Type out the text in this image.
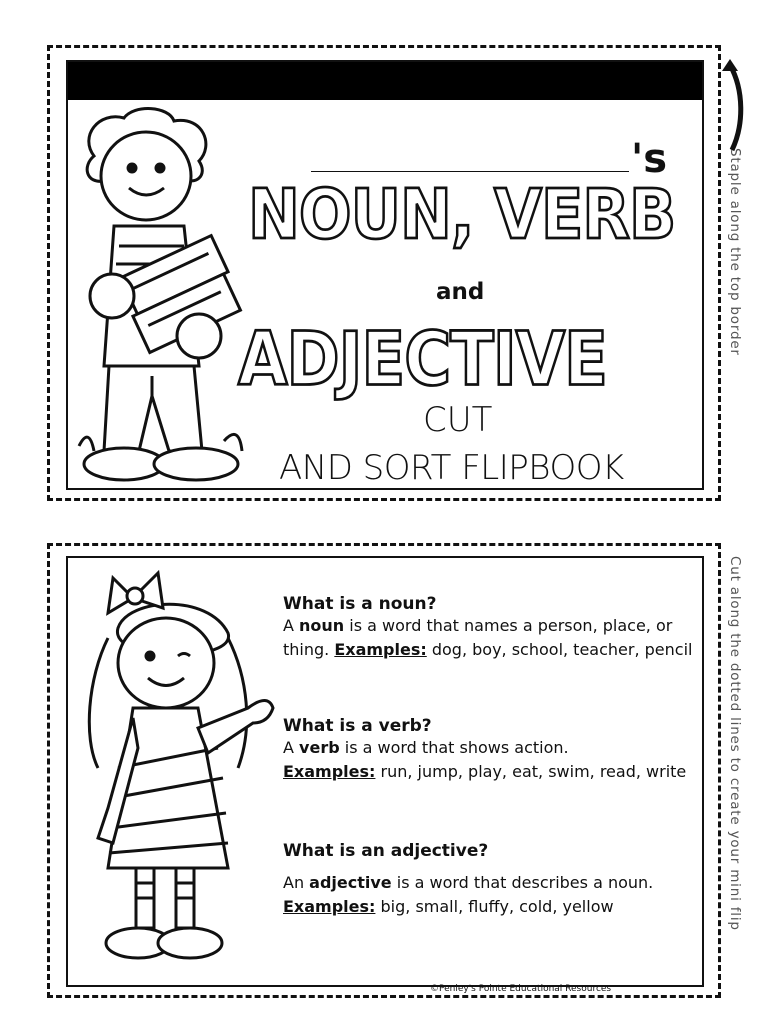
Staple along the top border
Cut along the dotted lines to create your mini flip
's
NOUN, VERB
and
ADJECTIVE
CUT
AND SORT FLIPBOOK

What is a noun?

A noun is a word that names a person, place, or thing. Examples: dog, boy, school, teacher, pencil

What is a verb?

A verb is a word that shows action.
Examples: run, jump, play, eat, swim, read, write

What is an adjective?

An adjective is a word that describes a noun.
Examples: big, small, fluffy, cold, yellow

©Penley's Pointe Educational Resources
